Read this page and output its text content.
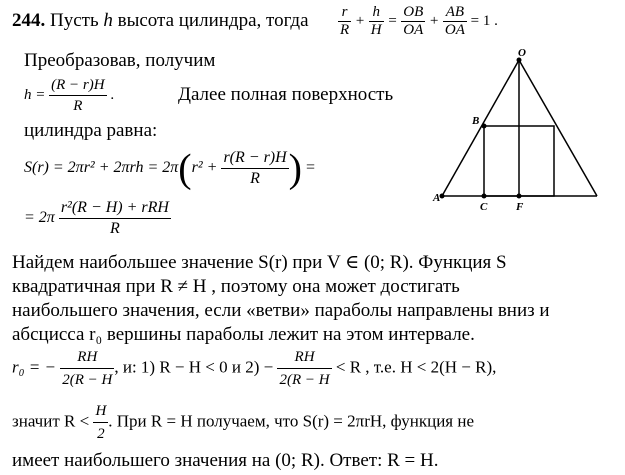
244. Пусть h высота цилиндра, тогда $\frac{r}{R} + \frac{h}{H} = \frac{OB}{OA} + \frac{AB}{OA} = 1$ .
Преобразовав, получим
$h = \frac{(R - r)H}{R}$ .	Далее полная поверхность
цилиндра равна:
$S(r) = 2\pi r^2 + 2\pi rh = 2\pi(r^2 + \frac{r(R - r)H}{R}$ ) =
= $2\pi \frac{\text{r²(R − H) + rRH}}{R}$
Найдем наибольшее значение S(r) при V ∈ (0; R). Функция S
квадратичная при R ≠ H , поэтому она может достигать
наибольшего значения, если «ветви» параболы направлены вниз и
абсцисса r₀ вершины параболы лежит на этом интервале.
r₀ = − $\frac{RH}{2(R - H}$ , и: 1) R − H < 0 и $2) - \frac{RH}{2(R - H} < R$ , т.е. H < 2(H − R),
значит $R < \frac{H}{2}$ . При R = H получаем, что S(r) = 2πrH, функция не
имеет наибольшего значения на (0; R). Ответ: R = H.
O
B
A
C	F
